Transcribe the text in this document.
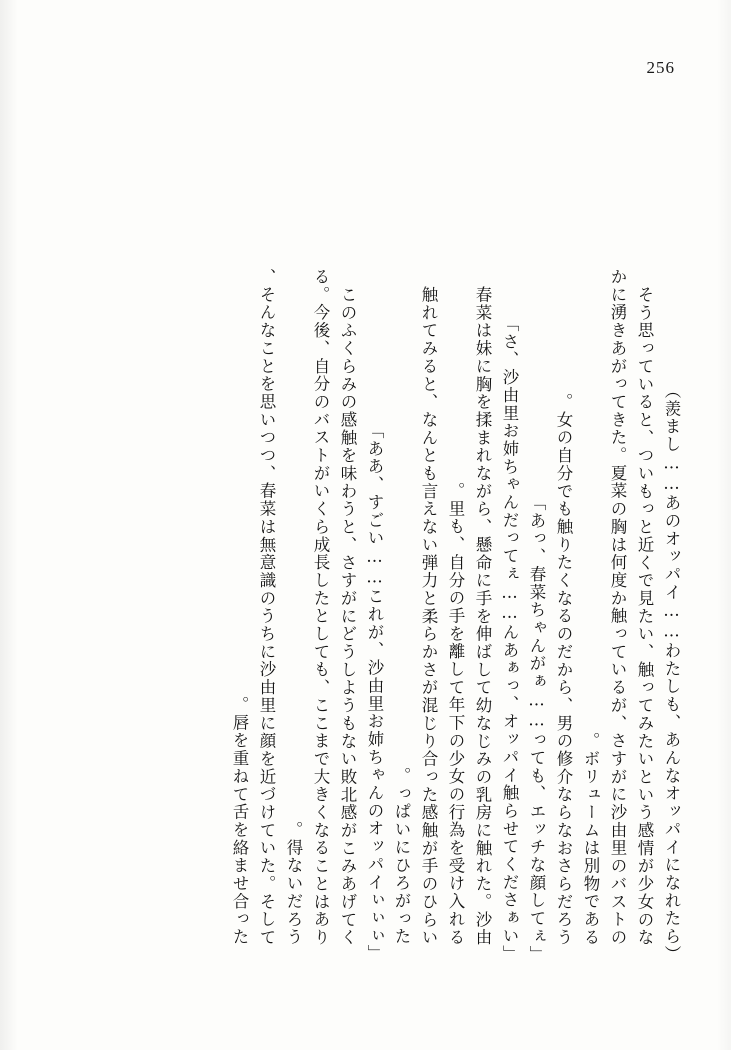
256
（羨まし……あのオッパイ……わたしも、あんなオッパイになれたら）
そう思っていると、ついもっと近くで見たい、触ってみたいという感情が少女のな
かに湧きあがってきた。夏菜の胸は何度か触っているが、さすがに沙由里のバストの
ボリュームは別物である。
女の自分でも触りたくなるのだから、男の修介ならなおさらだろう。
「あっ、春菜ちゃんがぁ……っても、エッチな顔してぇ」
「さ、沙由里お姉ちゃんだってぇ……んあぁっ、オッパイ触らせてくださぁい」
春菜は妹に胸を揉まれながら、懸命に手を伸ばして幼なじみの乳房に触れた。沙由
里も、自分の手を離して年下の少女の行為を受け入れる。
触れてみると、なんとも言えない弾力と柔らかさが混じり合った感触が手のひらい
っぱいにひろがった。
「ああ、すごい……これが、沙由里お姉ちゃんのオッパイぃぃぃ」
このふくらみの感触を味わうと、さすがにどうしようもない敗北感がこみあげてく
る。今後、自分のバストがいくら成長したとしても、ここまで大きくなることはあり
得ないだろう。
そんなことを思いつつ、春菜は無意識のうちに沙由里に顔を近づけていた。そして、
唇を重ねて舌を絡ませ合った。
